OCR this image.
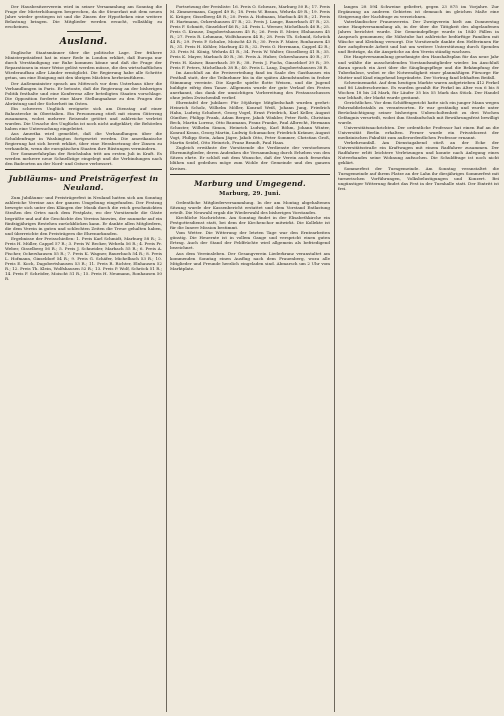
Der Hausbesitzerverein wird in seiner Versammlung am Sonntag die Frage der Mieterhöhungen besprechen, da die Steuerlast mit dem neuen Jahre wieder gestiegen ist und die Zinsen der Hypotheken eine weitere Belastung bringen. Die Mitglieder werden ersucht, vollzählig zu erscheinen.

Ausland.

Englische Staatsmänner über die politische Lage. Der frühere Ministerpräsident hat in einer Rede in London erklärt, daß Europa nur durch Verständigung zur Ruhe kommen könne und daß die Frage der Reparationen in einer Weise gelöst werden müsse, die den wirtschaftlichen Wiederaufbau aller Länder ermöglicht. Die Regierung habe alle Schritte getan, um eine Einigung mit den übrigen Mächten herbeizuführen.

Der Außenminister sprach am Mittwoch vor dem Unterhaus über die Verhandlungen in Paris. Er betonte, daß die Regierung an der bisherigen Politik festhalte und eine Konferenz aller beteiligten Staaten vorschlage. Die Opposition forderte eine klare Stellungnahme zu den Fragen der Abrüstung und der Sicherheit im Osten.

Ein schweres Unglück ereignete sich am Dienstag auf einer Bahnstrecke in Oberitalien. Ein Personenzug stieß mit einem Güterzug zusammen, wobei mehrere Reisende getötet und zahlreiche verletzt wurden. Die Ursache des Unglücks ist noch nicht aufgeklärt; die Behörden haben eine Untersuchung eingeleitet.

Aus Amerika wird gemeldet, daß die Verhandlungen über die Schuldenfrage in Washington fortgesetzt werden. Die amerikanische Regierung hat sich bereit erklärt, über eine Herabsetzung der Zinsen zu verhandeln, wenn die europäischen Staaten ihre Rüstungen vermindern.

Der Sommerfahrplan der Reichsbahn tritt am ersten Juli in Kraft. Es werden mehrere neue Schnellzüge eingelegt und die Verbindungen nach den Badeorten an der Nord- und Ostsee verbessert.

Jubiläums- und Preisträgerfest in Neuland.

Zum Jubiläums- und Preisträgerfest in Neuland hatten sich am Sonntag zahlreiche Vereine aus der ganzen Umgebung eingefunden. Der Festzug bewegte sich unter den Klängen der Musik durch die reich geschmückten Straßen des Ortes nach dem Festplatz, wo der Vorsitzende die Gäste begrüßte und auf die Geschichte des Vereins hinwies, der nunmehr auf ein fünfzigjähriges Bestehen zurückblicken kann. Er dankte allen Mitgliedern, die dem Verein in guten und schlechten Zeiten die Treue gehalten haben, und überreichte den Preisträgern die Ehrenurkunden.

Ergebnisse der Preisschießen: 1. Preis Karl Schmidt, Marburg 58 R.; 2. Preis H. Müller, Cappel 57 R.; 3. Preis W. Becker, Wehrda 56 R.; 4. Preis Fr. Weber, Gisselberg 56 R.; 5. Preis J. Schneider, Marbach 55 R.; 6. Preis A. Fischer, Ockershausen 55 R.; 7. Preis K. Wagner, Bauerbach 54 R.; 8. Preis L. Hofmann, Ginseldorf 54 R.; 9. Preis G. Schäfer, Michelbach 53 R.; 10. Preis E. Koch, Dagobertshausen 53 R.; 11. Preis R. Richter, Elnhausen 52 R.; 12. Preis Th. Klein, Wolfshausen 52 R.; 13. Preis P. Wolf, Schröck 51 R.; 14. Preis F. Schröder, Moischt 51 R.; 15. Preis H. Neumann, Ronhausen 50 R.

Fortsetzung der Preisliste: 16. Preis O. Schwarz, Marburg 50 R.; 17. Preis M. Zimmermann, Cappel 49 R.; 18. Preis W. Braun, Wehrda 49 R.; 19. Preis K. Krüger, Gisselberg 48 R.; 20. Preis A. Hofmann, Marbach 48 R.; 21. Preis H. Hartmann, Ockershausen 47 R.; 22. Preis J. Lange, Bauerbach 47 R.; 23. Preis F. Schmitt, Ginseldorf 46 R.; 24. Preis L. Werner, Michelbach 46 R.; 25. Preis G. Krause, Dagobertshausen 45 R.; 26. Preis E. Meier, Elnhausen 45 R.; 27. Preis R. Lehmann, Wolfshausen 44 R.; 28. Preis Th. Schmid, Schröck 44 R.; 29. Preis P. Schulze, Moischt 43 R.; 30. Preis F. Maier, Ronhausen 43 R.; 31. Preis H. Köhler, Marburg 42 R.; 32. Preis O. Herrmann, Cappel 42 R.; 33. Preis M. König, Wehrda 41 R.; 34. Preis W. Walter, Gisselberg 41 R.; 35. Preis K. Mayer, Marbach 40 R.; 36. Preis A. Huber, Ockershausen 40 R.; 37. Preis H. Kaiser, Bauerbach 39 R.; 38. Preis J. Fuchs, Ginseldorf 39 R.; 39. Preis F. Peters, Michelbach 38 R.; 40. Preis L. Lang, Dagobertshausen 38 R.

Im Anschluß an die Preisverteilung fand im Saale des Gasthauses ein Festball statt, der die Teilnehmer bis in die späten Abendstunden in froher Stimmung vereinte. Die Kapelle spielte flotte Weisen, und die Jugend huldigte eifrig dem Tanze. Allgemein wurde der gute Verlauf des Festes anerkannt, das dank der umsichtigen Vorbereitung des Festausschusses ohne jeden Zwischenfall verlief.

Ehrentafel der Jubilare: Für 50jährige Mitgliedschaft wurden geehrt: Heinrich Scholz, Wilhelm Möller, Konrad Weiß, Johann Jung, Friedrich Hahn, Ludwig Schubert, Georg Vogel, Ernst Friedrich, Karl Keller, August Günther, Philipp Frank, Adam Berger, Jakob Winkler, Peter Roth, Christian Beck, Martin Lorenz, Otto Baumann, Franz Franke, Paul Albrecht, Hermann Schuster, Wilhelm Simon, Heinrich Ludwig, Karl Böhm, Johann Winter, Konrad Kraus, Georg Martin, Ludwig Schumacher, Friedrich Krämer, August Vogt, Philipp Stein, Adam Jäger, Jakob Otto, Peter Sommer, Christian Groß, Martin Seidel, Otto Heinrich, Franz Brandt, Paul Haas.

Zugleich erwähnte der Vorsitzende die Verdienste der verstorbenen Ehrenmitglieder, deren Andenken die Versammlung durch Erheben von den Sitzen ehrte. Er schloß mit dem Wunsche, daß der Verein auch fernerhin blühen und gedeihen möge zum Wohle der Gemeinde und des ganzen Kreises.

Marburg und Umgegend.
Marburg, 29. Juni.

Ordentliche Mitgliederversammlung. In der am Montag abgehaltenen Sitzung wurde der Kassenbericht erstattet und dem Vorstand Entlastung erteilt. Die Neuwahl ergab die Wiederwahl des bisherigen Vorstandes.

Kirchliche Nachrichten. Am Sonntag findet in der Elisabethkirche ein Festgottesdienst statt, bei dem der Kirchenchor mitwirkt. Die Kollekte ist für die Innere Mission bestimmt.

Vom Wetter. Die Witterung der letzten Tage war den Erntearbeiten günstig. Die Heuernte ist in vollem Gange und verspricht einen guten Ertrag. Auch der Stand der Feldfrüchte wird allgemein als befriedigend bezeichnet.

Aus dem Vereinsleben. Der Gesangverein Liederkranz veranstaltet am kommenden Sonntag einen Ausflug nach dem Frauenberg, wozu alle Mitglieder und Freunde herzlich eingeladen sind. Abmarsch um 2 Uhr vom Marktplatz.

langen 28 594 Schweine geliefert, gegen 23 875 im Vorjahre. Zur Ergänzung an anderen Gebieten ist demnach im gleichen Maße eine Steigerung der Nachfrage zu verzeichnen.

Vaterländischer Frauenverein. Der Zweigverein hielt am Donnerstag seine Hauptversammlung ab, in der über die Tätigkeit des abgelaufenen Jahres berichtet wurde. Die Gemeindepflege wurde in 1840 Fällen in Anspruch genommen; die Nähstube hat zahlreiche bedürftige Familien mit Wäsche und Kleidung versorgt. Die Vorsitzende dankte den Helferinnen für ihre aufopfernde Arbeit und bat um weitere Unterstützung durch Spenden und Beiträge, da die Ansprüche an den Verein ständig wachsen.

Die Hauptversammlung genehmigte den Haushaltsplan für das neue Jahr und wählte die ausscheidenden Vorstandsmitglieder wieder. Im Anschluß daran sprach ein Arzt über die Säuglingspflege und die Bekämpfung der Tuberkulose, wobei er die Notwendigkeit einer planmäßigen Fürsorge für Mutter und Kind eingehend begründete. Der Vortrag fand lebhaften Beifall.

Schweinemarkt. Auf dem heutigen Markte waren aufgetrieben 412 Ferkel und 86 Läuferschweine. Es wurden gezahlt für Ferkel im Alter von 6 bis 8 Wochen 18 bis 24 Mark, für Läufer 35 bis 55 Mark das Stück. Der Handel war lebhaft, der Markt wurde geräumt.

Gerichtliches. Vor dem Schöffengericht hatte sich ein junger Mann wegen Fahrraddiebstahls zu verantworten. Er war geständig und wurde unter Berücksichtigung seiner bisherigen Unbescholtenheit zu drei Wochen Gefängnis verurteilt, wobei ihm Strafaufschub mit Bewährungsfrist bewilligt wurde.

Universitätsnachrichten. Der ordentliche Professor hat einen Ruf an die Universität Berlin erhalten. Ferner wurde ein Privatdozent der medizinischen Fakultät zum außerordentlichen Professor ernannt.

Verkehrsunfall. Am Dienstagabend stieß an der Ecke der Universitätsstraße ein Kraftwagen mit einem Radfahrer zusammen. Der Radfahrer erlitt leichtere Verletzungen und konnte nach Anlegung eines Notverbandes seine Wohnung aufsuchen. Die Schuldfrage ist noch nicht geklärt.

Sommerfest der Turngemeinde. Am Sonntag veranstaltet die Turngemeinde auf ihrem Platze an der Lahn ihr diesjähriges Sommerfest mit turnerischen Vorführungen, Volksbelustigungen und Konzert. Bei ungünstiger Witterung findet das Fest in der Turnhalle statt. Der Eintritt ist frei.
